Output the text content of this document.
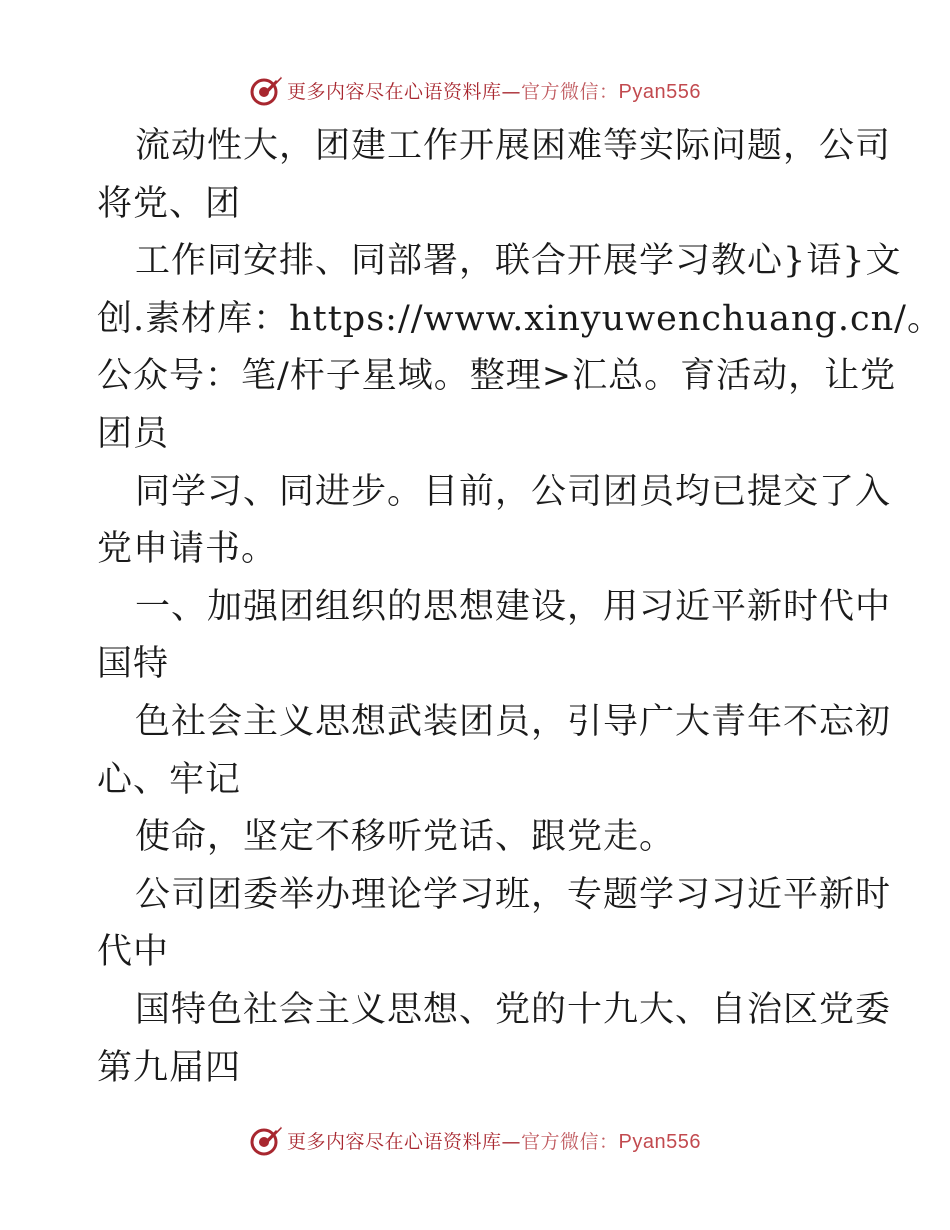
更多内容尽在心语资料库—官方微信：Pyan556
流动性大，团建工作开展困难等实际问题，公司
将党、团
工作同安排、同部署，联合开展学习教心}语}文
创.素材库：https://www.xinyuwenchuang.cn/。
公众号：笔/杆子星域。整理>汇总。育活动，让党
团员
同学习、同进步。目前，公司团员均已提交了入
党申请书。
一、加强团组织的思想建设，用习近平新时代中
国特
色社会主义思想武装团员，引导广大青年不忘初
心、牢记
使命，坚定不移听党话、跟党走。
公司团委举办理论学习班，专题学习习近平新时
代中
国特色社会主义思想、党的十九大、自治区党委
第九届四
更多内容尽在心语资料库—官方微信：Pyan556
